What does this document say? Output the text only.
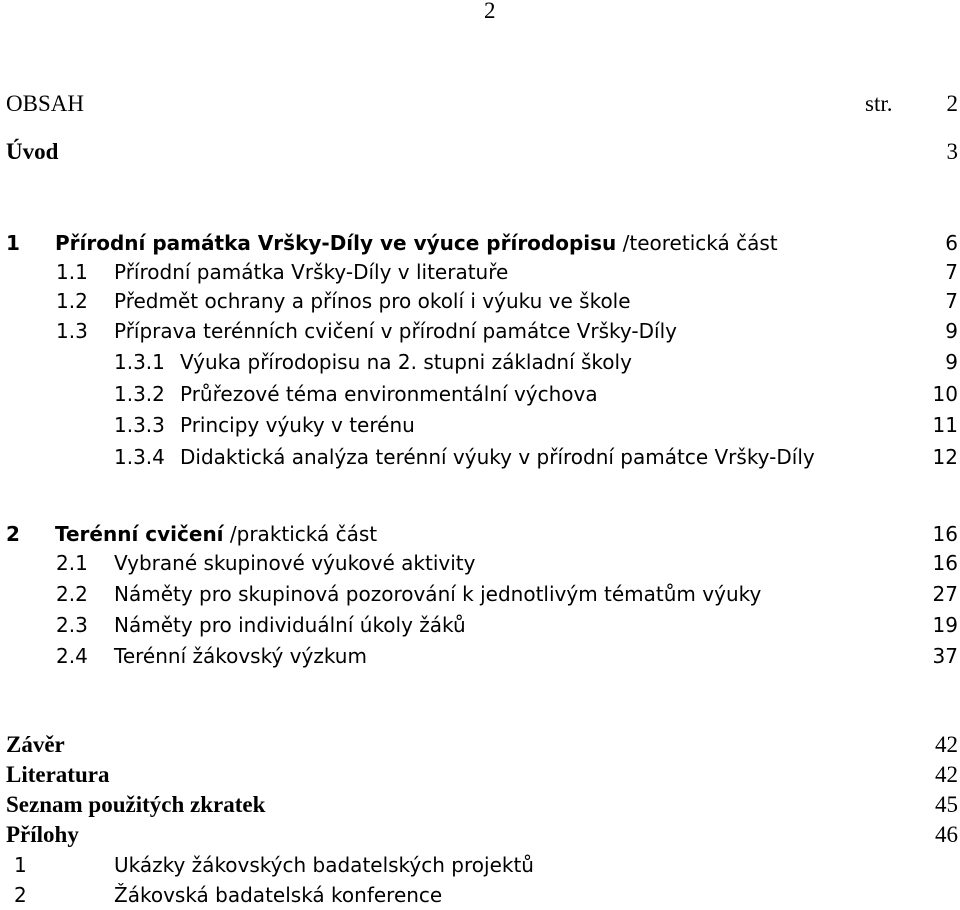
2
OBSAH	str. 2
Úvod	3
1 Přírodní památka Vršky-Díly ve výuce přírodopisu /teoretická část	6
1.1 Přírodní památka Vršky-Díly v literatuře	7
1.2 Předmět ochrany a přínos pro okolí i výuku ve škole	7
1.3 Příprava terénních cvičení v přírodní památce Vršky-Díly	9
1.3.1 Výuka přírodopisu na 2. stupni základní školy	9
1.3.2 Průřezové téma environmentální výchova	10
1.3.3 Principy výuky v terénu	11
1.3.4 Didaktická analýza terénní výuky v přírodní památce Vršky-Díly	12
2 Terénní cvičení /praktická část	16
2.1 Vybrané skupinové výukové aktivity	16
2.2 Náměty pro skupinová pozorování k jednotlivým tématům výuky	27
2.3 Náměty pro individuální úkoly žáků	19
2.4 Terénní žákovský výzkum	37
Závěr	42
Literatura	42
Seznam použitých zkratek	45
Přílohy	46
1	Ukázky žákovských badatelských projektů
2	Žákovská badatelská konference
